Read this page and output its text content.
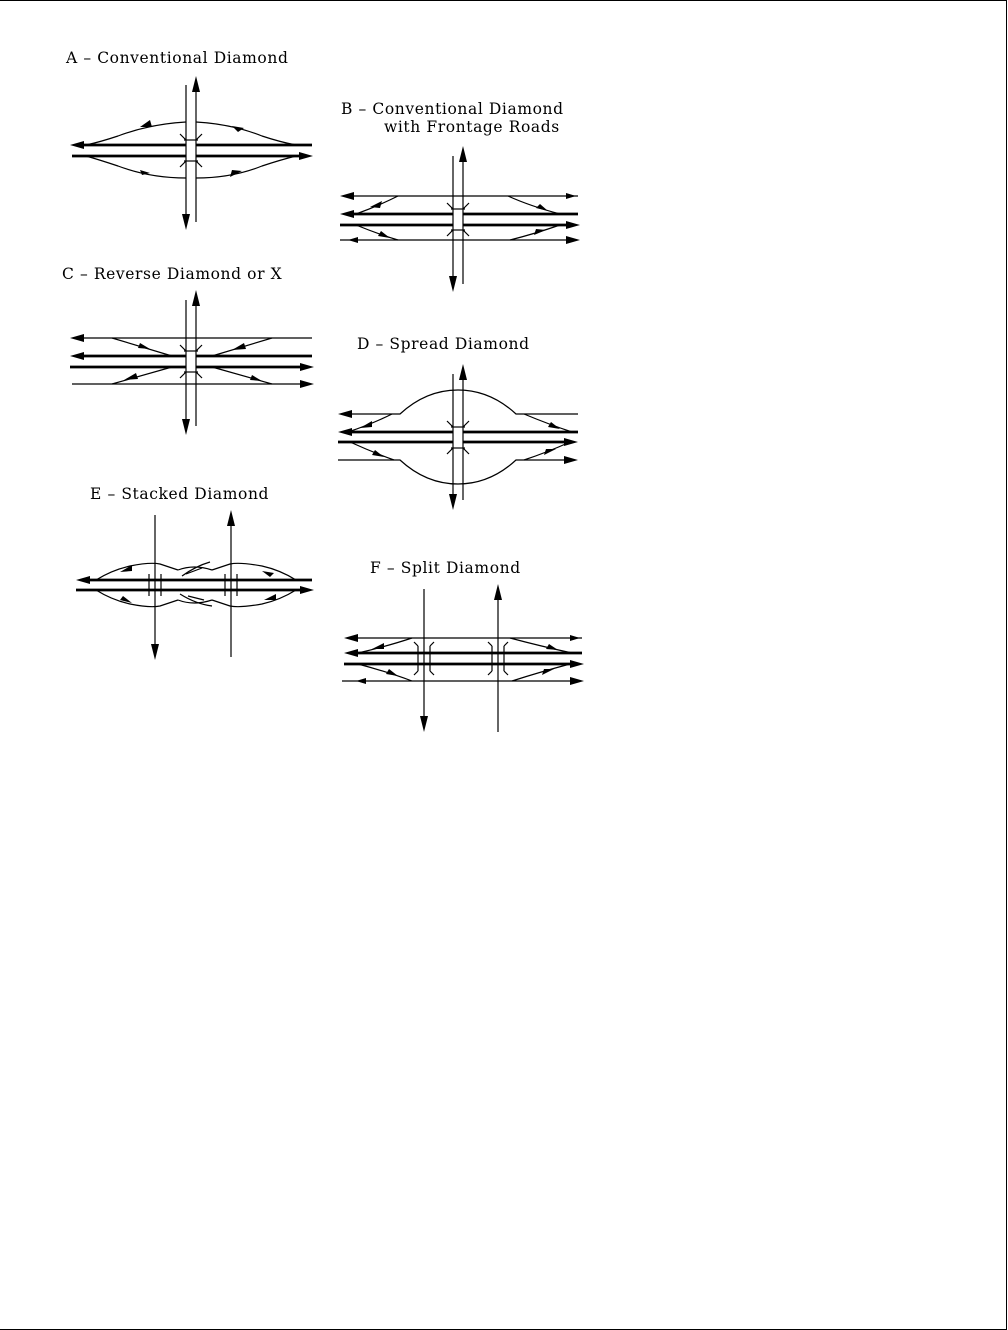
A – Conventional Diamond
B – Conventional Diamond
with Frontage Roads
C – Reverse Diamond or X
D – Spread Diamond
E – Stacked Diamond
F – Split Diamond
